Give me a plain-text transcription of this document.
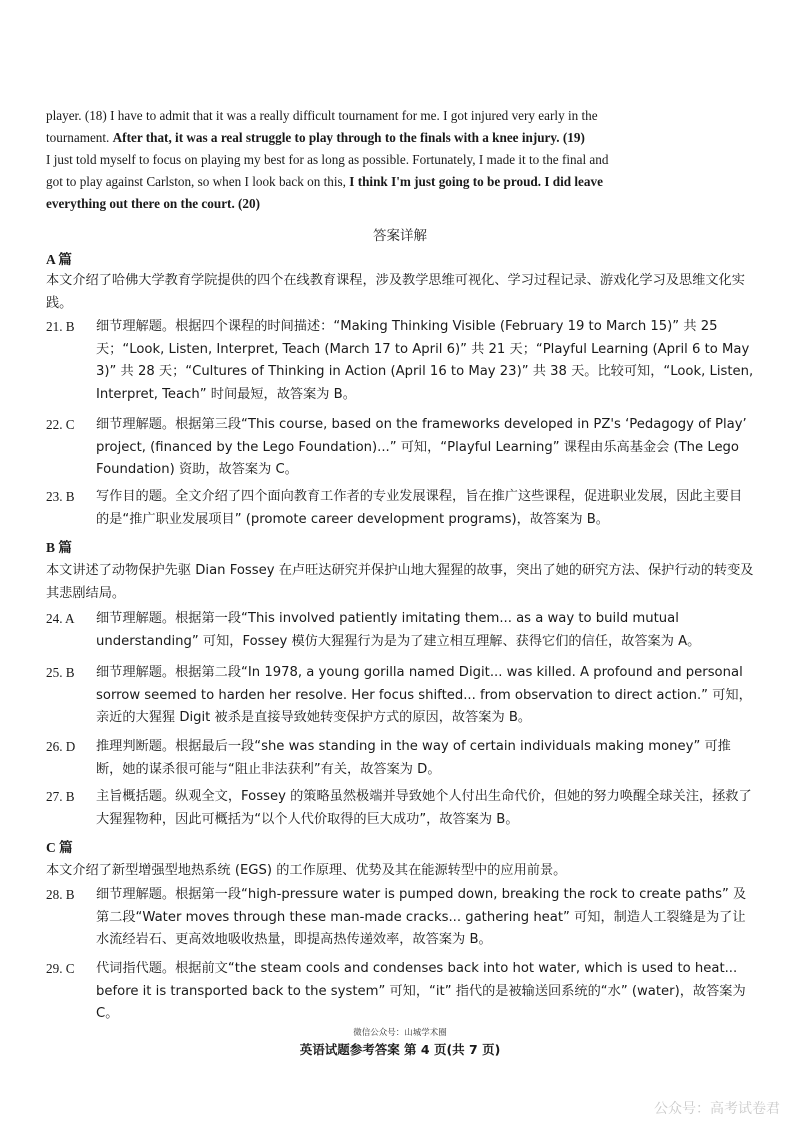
player. (18) I have to admit that it was a really difficult tournament for me. I got injured very early in the
tournament. After that, it was a real struggle to play through to the finals with a knee injury. (19)
I just told myself to focus on playing my best for as long as possible. Fortunately, I made it to the final and
got to play against Carlston, so when I look back on this, I think I'm just going to be proud. I did leave
everything out there on the court. (20)
答案详解
A 篇
本文介绍了哈佛大学教育学院提供的四个在线教育课程，涉及教学思维可视化、学习过程记录、游戏化学习及思维文化实践。
21. B	细节理解题。根据四个课程的时间描述：“Making Thinking Visible (February 19 to March 15)” 共 25 天；“Look, Listen, Interpret, Teach (March 17 to April 6)” 共 21 天；“Playful Learning (April 6 to May 3)” 共 28 天；“Cultures of Thinking in Action (April 16 to May 23)” 共 38 天。比较可知，“Look, Listen, Interpret, Teach” 时间最短，故答案为 B。
22. C	细节理解题。根据第三段“This course, based on the frameworks developed in PZ's ‘Pedagogy of Play’ project, (financed by the Lego Foundation)...” 可知，“Playful Learning” 课程由乐高基金会 (The Lego Foundation) 资助，故答案为 C。
23. B	写作目的题。全文介绍了四个面向教育工作者的专业发展课程，旨在推广这些课程，促进职业发展，因此主要目的是“推广职业发展项目” (promote career development programs)，故答案为 B。
B 篇
本文讲述了动物保护先驱 Dian Fossey 在卢旺达研究并保护山地大猩猩的故事，突出了她的研究方法、保护行动的转变及其悲剧结局。
24. A	细节理解题。根据第一段“This involved patiently imitating them... as a way to build mutual understanding” 可知，Fossey 模仿大猩猩行为是为了建立相互理解、获得它们的信任，故答案为 A。
25. B	细节理解题。根据第二段“In 1978, a young gorilla named Digit... was killed. A profound and personal sorrow seemed to harden her resolve. Her focus shifted... from observation to direct action.” 可知，亲近的大猩猩 Digit 被杀是直接导致她转变保护方式的原因，故答案为 B。
26. D	推理判断题。根据最后一段“she was standing in the way of certain individuals making money” 可推断，她的谋杀很可能与“阻止非法获利”有关，故答案为 D。
27. B	主旨概括题。纵观全文，Fossey 的策略虽然极端并导致她个人付出生命代价，但她的努力唤醒全球关注，拯救了大猩猩物种，因此可概括为“以个人代价取得的巨大成功”，故答案为 B。
C 篇
本文介绍了新型增强型地热系统 (EGS) 的工作原理、优势及其在能源转型中的应用前景。
28. B	细节理解题。根据第一段“high-pressure water is pumped down, breaking the rock to create paths” 及第二段“Water moves through these man-made cracks... gathering heat” 可知，制造人工裂缝是为了让水流经岩石、更高效地吸收热量，即提高热传递效率，故答案为 B。
29. C	代词指代题。根据前文“the steam cools and condenses back into hot water, which is used to heat... before it is transported back to the system” 可知，“it” 指代的是被输送回系统的“水” (water)，故答案为 C。
微信公众号：山城学术圈
英语试题参考答案 第 4 页(共 7 页)
公众号：高考试卷君
